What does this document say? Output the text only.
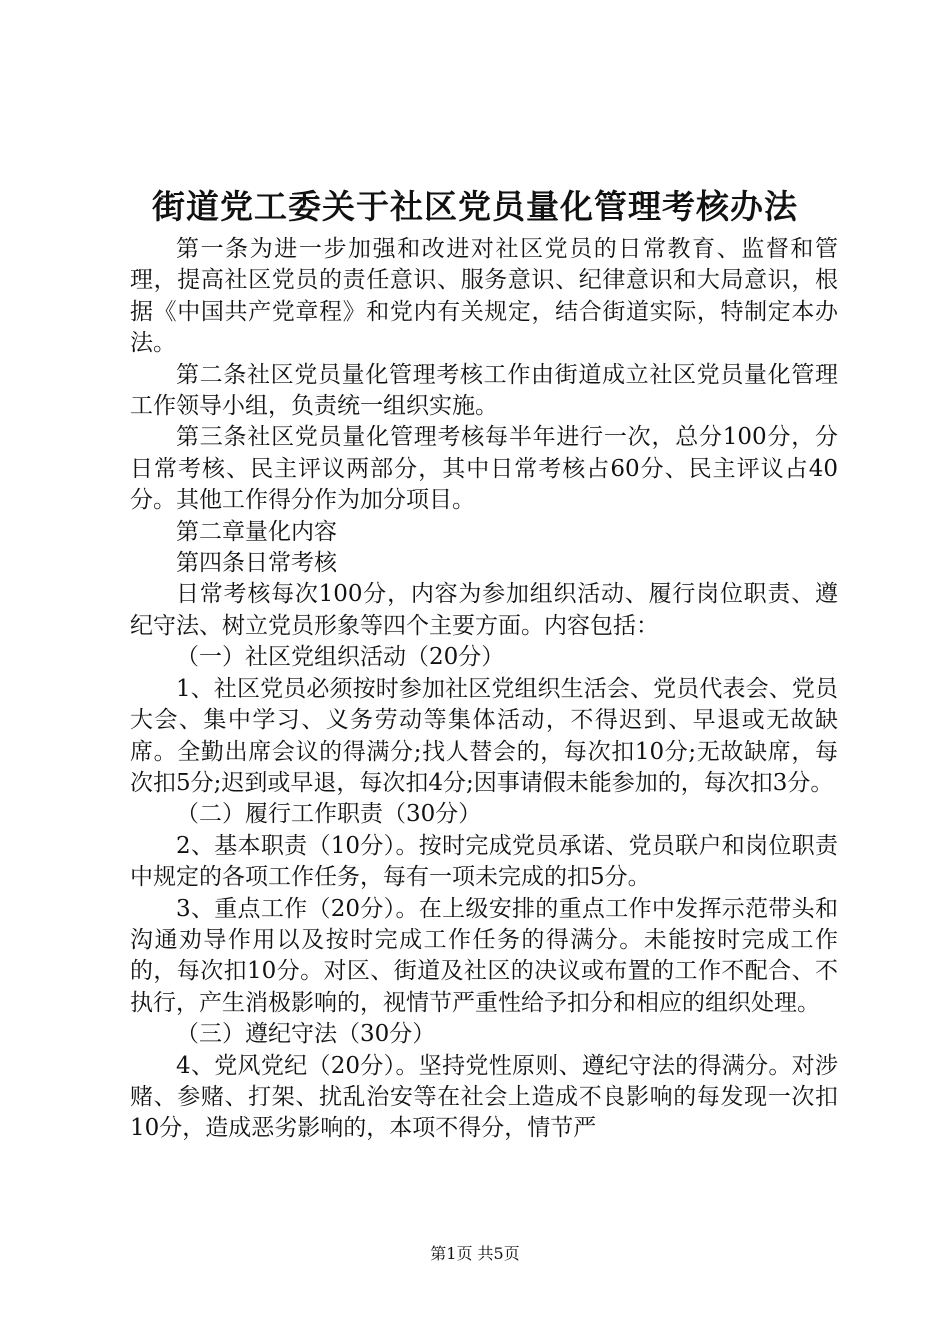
街道党工委关于社区党员量化管理考核办法

第一条为进一步加强和改进对社区党员的日常教育、监督和管理，提高社区党员的责任意识、服务意识、纪律意识和大局意识，根据《中国共产党章程》和党内有关规定，结合街道实际，特制定本办法。

第二条社区党员量化管理考核工作由街道成立社区党员量化管理工作领导小组，负责统一组织实施。

第三条社区党员量化管理考核每半年进行一次，总分100分，分日常考核、民主评议两部分，其中日常考核占60分、民主评议占40分。其他工作得分作为加分项目。

第二章量化内容

第四条日常考核

日常考核每次100分，内容为参加组织活动、履行岗位职责、遵纪守法、树立党员形象等四个主要方面。内容包括：

（一）社区党组织活动（20分）

1、社区党员必须按时参加社区党组织生活会、党员代表会、党员大会、集中学习、义务劳动等集体活动，不得迟到、早退或无故缺席。全勤出席会议的得满分;找人替会的，每次扣10分;无故缺席，每次扣5分;迟到或早退，每次扣4分;因事请假未能参加的，每次扣3分。

（二）履行工作职责（30分）

2、基本职责（10分）。按时完成党员承诺、党员联户和岗位职责中规定的各项工作任务，每有一项未完成的扣5分。

3、重点工作（20分）。在上级安排的重点工作中发挥示范带头和沟通劝导作用以及按时完成工作任务的得满分。未能按时完成工作的，每次扣10分。对区、街道及社区的决议或布置的工作不配合、不执行，产生消极影响的，视情节严重性给予扣分和相应的组织处理。

（三）遵纪守法（30分）

4、党风党纪（20分）。坚持党性原则、遵纪守法的得满分。对涉赌、参赌、打架、扰乱治安等在社会上造成不良影响的每发现一次扣10分，造成恶劣影响的，本项不得分，情节严

第1页 共5页
